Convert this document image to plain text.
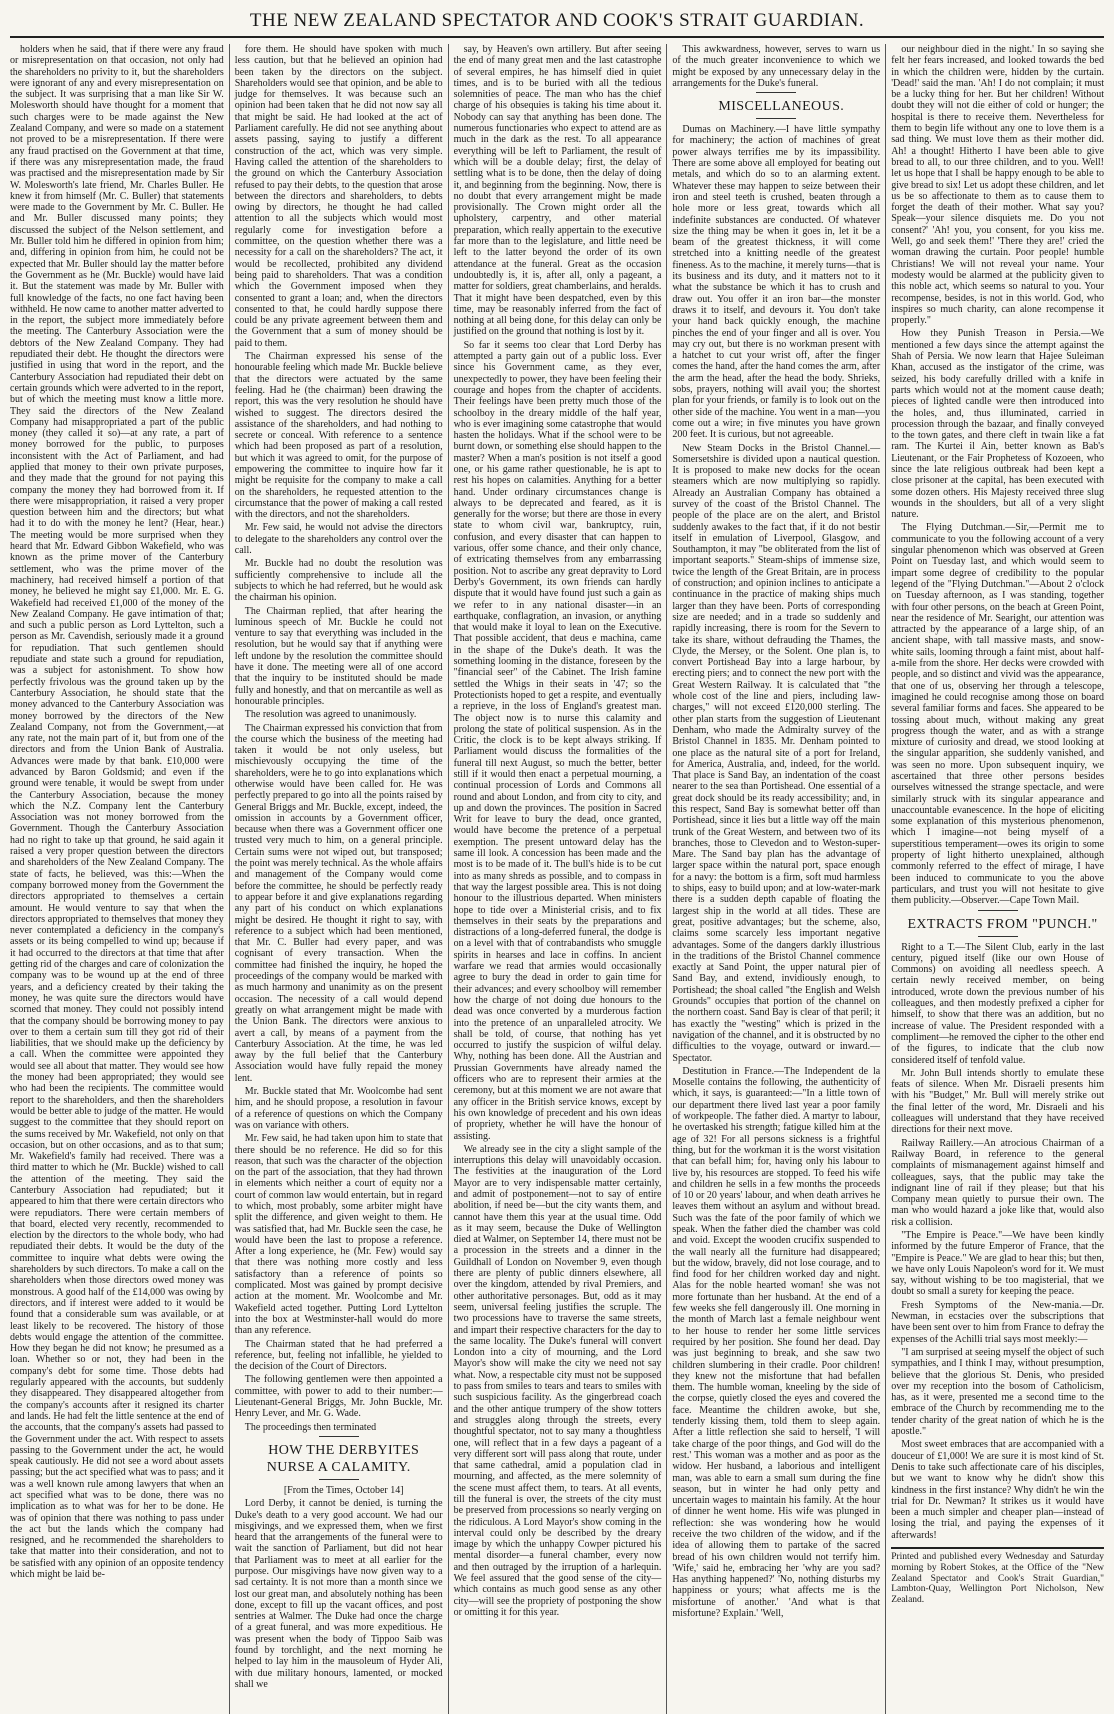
THE NEW ZEALAND SPECTATOR AND COOK'S STRAIT GUARDIAN.

holders when he said, that if there were any fraud or misrepresentation on that occasion, not only had the shareholders no privity to it, but the shareholders were ignorant of any and every misrepresentation on the subject. It was surprising that a man like Sir W. Molesworth should have thought for a moment that such charges were to be made against the New Zealand Company, and were so made on a statement not proved to be a misrepresentation. If there were any fraud practised on the Government at that time, if there was any misrepresentation made, the fraud was practised and the misrepresentation made by Sir W. Molesworth's late friend, Mr. Charles Buller. He knew it from himself (Mr. C. Buller) that statements were made to the Government by Mr. C. Buller. He and Mr. Buller discussed many points; they discussed the subject of the Nelson settlement, and Mr. Buller told him he differed in opinion from him; and, differing in opinion from him, he could not be expected that Mr. Buller should lay the matter before the Government as he (Mr. Buckle) would have laid it. But the statement was made by Mr. Buller with full knowledge of the facts, no one fact having been withheld. He now came to another matter adverted to in the report, the subject more immediately before the meeting. The Canterbury Association were the debtors of the New Zealand Company. They had repudiated their debt. He thought the directors were justified in using that word in the report, and the Canterbury Association had repudiated their debt on certain grounds which were adverted to in the report, but of which the meeting must know a little more. They said the directors of the New Zealand Company had misappropriated a part of the public money (they called it so)—at any rate, a part of money borrowed for the public, to purposes inconsistent with the Act of Parliament, and had applied that money to their own private purposes, and they made that the ground for not paying this company the money they had borrowed from it. If there were misappropriation, it raised a very proper question between him and the directors; but what had it to do with the money he lent? (Hear, hear.) The meeting would be more surprised when they heard that Mr. Edward Gibbon Wakefield, who was known as the prime mover of the Canterbury settlement, who was the prime mover of the machinery, had received himself a portion of that money, he believed he might say £1,000. Mr. E. G. Wakefield had received £1,000 of the money of the New Zealand Company. He gave intimation of that; and such a public person as Lord Lyttelton, such a person as Mr. Cavendish, seriously made it a ground for repudiation. That such gentlemen should repudiate and state such a ground for repudiation, was a subject for astonishment. To show how perfectly frivolous was the ground taken up by the Canterbury Association, he should state that the money advanced to the Canterbury Association was money borrowed by the directors of the New Zealand Company, not from the Government,—at any rate, not the main part of it, but from one of the directors and from the Union Bank of Australia. Advances were made by that bank. £10,000 were advanced by Baron Goldsmid; and even if the ground were tenable, it would be swept from under the Canterbury Association, because the money which the N.Z. Company lent the Canterbury Association was not money borrowed from the Government. Though the Canterbury Association had no right to take up that ground, he said again it raised a very proper question between the directors and shareholders of the New Zealand Company. The state of facts, he believed, was this:—When the company borrowed money from the Government the directors appropriated to themselves a certain amount. He would venture to say that when the directors appropriated to themselves that money they never contemplated a deficiency in the company's assets or its being compelled to wind up; because if it had occurred to the directors at that time that after getting rid of the charges and care of colonization the company was to be wound up at the end of three years, and a deficiency created by their taking the money, he was quite sure the directors would have scorned that money. They could not possibly intend that the company should be borrowing money to pay over to them a certain sum till they got rid of their liabilities, that we should make up the deficiency by a call. When the committee were appointed they would see all about that matter. They would see how the money had been appropriated; they would see who had been the recipients. The committee would report to the shareholders, and then the shareholders would be better able to judge of the matter. He would suggest to the committee that they should report on the sums received by Mr. Wakefield, not only on that occasion, but on other occasions, and as to that sum; Mr. Wakefield's family had received. There was a third matter to which he (Mr. Buckle) wished to call the attention of the meeting. They said the Canterbury Association had repudiated; but it appeared to him that there were certain directors who were repudiators. There were certain members of that board, elected very recently, recommended to election by the directors to the whole body, who had repudiated their debts. It would be the duty of the committee to inquire what debts were owing the shareholders by such directors. To make a call on the shareholders when those directors owed money was monstrous. A good half of the £14,000 was owing by directors, and if interest were added to it would be found that a considerable sum was available, or at least likely to be recovered. The history of those debts would engage the attention of the committee. How they began he did not know; he presumed as a loan. Whether so or not, they had been in the company's debt for some time. Those debts had regularly appeared with the accounts, but suddenly they disappeared. They disappeared altogether from the company's accounts after it resigned its charter and lands. He had felt the little sentence at the end of the accounts, that the company's assets had passed to the Government under the act. With respect to assets passing to the Government under the act, he would speak cautiously. He did not see a word about assets passing; but the act specified what was to pass; and it was a well known rule among lawyers that when an act specified what was to be done, there was no implication as to what was for her to be done. He was of opinion that there was nothing to pass under the act but the lands which the company had resigned, and he recommended the shareholders to take that matter into their consideration, and not to be satisfied with any opinion of an opposite tendency which might be laid be-

fore them. He should have spoken with much less caution, but that he believed an opinion had been taken by the directors on the subject. Shareholders would see that opinion, and be able to judge for themselves. It was because such an opinion had been taken that he did not now say all that might be said. He had looked at the act of Parliament carefully. He did not see anything about assets passing, saying to justify a different construction of the act, which was very simple. Having called the attention of the shareholders to the ground on which the Canterbury Association refused to pay their debts, to the question that arose between the directors and shareholders, to debts owing by directors, he thought he had called attention to all the subjects which would most regularly come for investigation before a committee, on the question whether there was a necessity for a call on the shareholders? The act, it would be recollected, prohibited any dividend being paid to shareholders. That was a condition which the Government imposed when they consented to grant a loan; and, when the directors consented to that, he could hardly suppose there could be any private agreement between them and the Government that a sum of money should be paid to them.

The Chairman expressed his sense of the honourable feeling which made Mr. Buckle believe that the directors were actuated by the same feeling. Had he (the chairman) been drawing the report, this was the very resolution he should have wished to suggest. The directors desired the assistance of the shareholders, and had nothing to secrete or conceal. With reference to a sentence which had been proposed as part of a resolution, but which it was agreed to omit, for the purpose of empowering the committee to inquire how far it might be requisite for the company to make a call on the shareholders, he requested attention to the circumstance that the power of making a call rested with the directors, and not the shareholders.

Mr. Few said, he would not advise the directors to delegate to the shareholders any control over the call.

Mr. Buckle had no doubt the resolution was sufficiently comprehensive to include all the subjects to which he had referred, but he would ask the chairman his opinion.

The Chairman replied, that after hearing the luminous speech of Mr. Buckle he could not venture to say that everything was included in the resolution, but he would say that if anything were left undone by the resolution the committee should have it done. The meeting were all of one accord that the inquiry to be instituted should be made fully and honestly, and that on mercantile as well as honourable principles.

The resolution was agreed to unanimously.

The Chairman expressed his conviction that from the course which the business of the meeting had taken it would be not only useless, but mischievously occupying the time of the shareholders, were he to go into explanations which otherwise would have been called for. He was perfectly prepared to go into all the points raised by General Briggs and Mr. Buckle, except, indeed, the omission in accounts by a Government officer, because when there was a Government officer one trusted very much to him, on a general principle. Certain sums were not wiped out, but transposed; the point was merely technical. As the whole affairs and management of the Company would come before the committee, he should be perfectly ready to appear before it and give explanations regarding any part of his conduct on which explanations might be desired. He thought it right to say, with reference to a subject which had been mentioned, that Mr. C. Buller had every paper, and was cognisant of every transaction. When the committee had finished the inquiry, he hoped the proceedings of the company would be marked with as much harmony and unanimity as on the present occasion. The necessity of a call would depend greatly on what arrangement might be made with the Union Bank. The directors were anxious to avert a call, by means of a payment from the Canterbury Association. At the time, he was led away by the full belief that the Canterbury Association would have fully repaid the money lent.

Mr. Buckle stated that Mr. Woolcombe had sent him, and he should propose, a resolution in favour of a reference of questions on which the Company was on variance with others.

Mr. Few said, he had taken upon him to state that there should be no reference. He did so for this reason, that such was the character of the objection on the part of the association, that they had thrown in elements which neither a court of equity nor a court of common law would entertain, but in regard to which, most probably, some arbiter might have split the difference, and given weight to them. He was satisfied that, had Mr. Buckle seen the case, he would have been the last to propose a reference. After a long experience, he (Mr. Few) would say that there was nothing more costly and less satisfactory than a reference of points so complicated. Most was gained by prompt decisive action at the moment. Mr. Woolcombe and Mr. Wakefield acted together. Putting Lord Lyttelton into the box at Westminster-hall would do more than any reference.

The Chairman stated that he had preferred a reference, but, feeling not infallible, he yielded to the decision of the Court of Directors.

The following gentlemen were then appointed a committee, with power to add to their number:—Lieutenant-General Briggs, Mr. John Buckle, Mr. Henry Lever, and Mr. G. Wade.

The proceedings then terminated

HOW THE DERBYITES NURSE A CALAMITY.

[From the Times, October 14]

Lord Derby, it cannot be denied, is turning the Duke's death to a very good account. We had our misgivings, and we expressed them, when we first heard that the arrangements of the funeral were to wait the sanction of Parliament, but did not hear that Parliament was to meet at all earlier for the purpose. Our misgivings have now given way to a sad certainty. It is not more than a month since we lost our great man, and absolutely nothing has been done, except to fill up the vacant offices, and post sentries at Walmer. The Duke had once the charge of a great funeral, and was more expeditious. He was present when the body of Tippoo Saib was found by torchlight, and the next morning he helped to lay him in the mausoleum of Hyder Ali, with due military honours, lamented, or mocked shall we

say, by Heaven's own artillery. But after seeing the end of many great men and the last catastrophe of several empires, he has himself died in quiet times, and is to be buried with all the tedious solemnities of peace. The man who has the chief charge of his obsequies is taking his time about it. Nobody can say that anything has been done. The numerous functionaries who expect to attend are as much in the dark as the rest. To all appearance everything will be left to Parliament, the result of which will be a double delay; first, the delay of settling what is to be done, then the delay of doing it, and beginning from the beginning. Now, there is no doubt that every arrangement might be made provisionally. The Crown might order all the upholstery, carpentry, and other material preparation, which really appertain to the executive far more than to the legislature, and little need be left to the latter beyond the order of its own attendance at the funeral. Great as the occasion undoubtedly is, it is, after all, only a pageant, a matter for soldiers, great chamberlains, and heralds. That it might have been despatched, even by this time, may be reasonably inferred from the fact of nothing at all being done, for this delay can only be justified on the ground that nothing is lost by it.

So far it seems too clear that Lord Derby has attempted a party gain out of a public loss. Ever since his Government came, as they ever, unexpectedly to power, they have been feeling their courage and hopes from the chapter of accidents. Their feelings have been pretty much those of the schoolboy in the dreary middle of the half year, who is ever imagining some catastrophe that would hasten the holidays. What if the school were to be burnt down, or something else should happen to the master? When a man's position is not itself a good one, or his game rather questionable, he is apt to rest his hopes on calamities. Anything for a better hand. Under ordinary circumstances change is always to be deprecated and feared, as it is generally for the worse; but there are those in every state to whom civil war, bankruptcy, ruin, confusion, and every disaster that can happen to various, offer some chance, and their only chance, of extricating themselves from any embarrassing position. Not to ascribe any great depravity to Lord Derby's Government, its own friends can hardly dispute that it would have found just such a gain as we refer to in any national disaster—in an earthquake, conflagration, an invasion, or anything that would make it loyal to lean on the Executive. That possible accident, that deus e machina, came in the shape of the Duke's death. It was the something looming in the distance, foreseen by the "financial seer" of the Cabinet. The Irish famine settled the Whigs in their seats in '47; so the Protectionists hoped to get a respite, and eventually a reprieve, in the loss of England's greatest man. The object now is to nurse this calamity and prolong the state of political suspension. As in the Critic, the clock is to be kept always striking. If Parliament would discuss the formalities of the funeral till next August, so much the better, better still if it would then enact a perpetual mourning, a continual procession of Lords and Commons all round and about London, and from city to city, and up and down the provinces. The position in Sacred Writ for leave to bury the dead, once granted, would have become the pretence of a perpetual exemption. The present untoward delay has the same ill look. A concession has been made and the most is to be made of it. The bull's hide is to be cut into as many shreds as possible, and to compass in that way the largest possible area. This is not doing honour to the illustrious departed. When ministers hope to tide over a Ministerial crisis, and to fix themselves in their seats by the preparations and distractions of a long-deferred funeral, the dodge is on a level with that of contrabandists who smuggle spirits in hearses and lace in coffins. In ancient warfare we read that armies would occasionally agree to bury the dead in order to gain time for their advances; and every schoolboy will remember how the charge of not doing due honours to the dead was once converted by a murderous faction into the pretence of an unparalleled atrocity. We shall be told, of course, that nothing has yet occurred to justify the suspicion of wilful delay. Why, nothing has been done. All the Austrian and Prussian Governments have already named the officers who are to represent their armies at the ceremony, but at this moment we are not aware that any officer in the British service knows, except by his own knowledge of precedent and his own ideas of propriety, whether he will have the honour of assisting.

We already see in the city a slight sample of the interruptions this delay will unavoidably occasion. The festivities at the inauguration of the Lord Mayor are to very indispensable matter certainly, and admit of postponement—not to say of entire abolition, if need be—but the city wants them, and cannot have them this year at the usual time. Odd as it may seem, because the Duke of Wellington died at Walmer, on September 14, there must not be a procession in the streets and a dinner in the Guildhall of London on November 9, even though there are plenty of public dinners elsewhere, all over the kingdom, attended by rival Premiers, and other authoritative personages. But, odd as it may seem, universal feeling justifies the scruple. The two processions have to traverse the same streets, and impart their respective characters for the day to the same locality. The Duke's funeral will convert London into a city of mourning, and the Lord Mayor's show will make the city we need not say what. Now, a respectable city must not be supposed to pass from smiles to tears and tears to smiles with such suspicious facility. As the gingerbread coach and the other antique trumpery of the show totters and struggles along through the streets, every thoughtful spectator, not to say many a thoughtless one, will reflect that in a few days a pageant of a very different sort will pass along that route, under that same cathedral, amid a population clad in mourning, and affected, as the mere solemnity of the scene must affect them, to tears. At all events, till the funeral is over, the streets of the city must be preserved from processions so nearly verging on the ridiculous. A Lord Mayor's show coming in the interval could only be described by the dreary image by which the unhappy Cowper pictured his mental disorder—a funeral chamber, every now and then outraged by the irruption of a harlequin. We feel assured that the good sense of the city—which contains as much good sense as any other city—will see the propriety of postponing the show or omitting it for this year.

This awkwardness, however, serves to warn us of the much greater inconvenience to which we might be exposed by any unnecessary delay in the arrangements for the Duke's funeral.

MISCELLANEOUS.

Dumas on Machinery.—I have little sympathy for machinery; the action of machines of great power always terrifies me by its impassibility. There are some above all employed for beating out metals, and which do so to an alarming extent. Whatever these may happen to seize between their iron and steel teeth is crushed, beaten through a hole more or less great, towards which all indefinite substances are conducted. Of whatever size the thing may be when it goes in, let it be a beam of the greatest thickness, it will come stretched into a knitting needle of the greatest fineness. As to the machine, it merely turns—that is its business and its duty, and it matters not to it what the substance be which it has to crush and draw out. You offer it an iron bar—the monster draws it to itself, and devours it. You don't take your hand back quickly enough, the machine pinches the end of your finger and all is over. You may cry out, but there is no workman present with a hatchet to cut your wrist off, after the finger comes the hand, after the hand comes the arm, after the arm the head, after the head the body. Shrieks, sobs, prayers, nothing will avail you; the shortest plan for your friends, or family is to look out on the other side of the machine. You went in a man—you come out a wire; in five minutes you have grown 200 feet. It is curious, but not agreeable.

New Steam Docks in the Bristol Channel.—Somersetshire is divided upon a nautical question. It is proposed to make new docks for the ocean steamers which are now multiplying so rapidly. Already an Australian Company has obtained a survey of the coast of the Bristol Channel. The people of the place are on the alert, and Bristol suddenly awakes to the fact that, if it do not bestir itself in emulation of Liverpool, Glasgow, and Southampton, it may "be obliterated from the list of important seaports." Steam-ships of immense size, twice the length of the Great Britain, are in process of construction; and opinion inclines to anticipate a continuance in the practice of making ships much larger than they have been. Ports of corresponding size are needed; and in a trade so suddenly and rapidly increasing, there is room for the Severn to take its share, without defrauding the Thames, the Clyde, the Mersey, or the Solent. One plan is, to convert Portishead Bay into a large harbour, by erecting piers; and to connect the new port with the Great Western Railway. It is calculated that "the whole cost of the line and piers, including law-charges," will not exceed £120,000 sterling. The other plan starts from the suggestion of Lieutenant Denham, who made the Admiralty survey of the Bristol Channel in 1835. Mr. Denham pointed to one place as the natural site of a port for Ireland, for America, Australia, and, indeed, for the world. That place is Sand Bay, an indentation of the coast nearer to the sea than Portishead. One essential of a great dock should be its ready accessibility; and, in this respect, Sand Bay is somewhat better off than Portishead, since it lies but a little way off the main trunk of the Great Western, and between two of its branches, those to Clevedon and to Weston-super-Mare. The Sand bay plan has the advantage of larger space within the natural port, space enough for a navy: the bottom is a firm, soft mud harmless to ships, easy to build upon; and at low-water-mark there is a sudden depth capable of floating the largest ship in the world at all tides. These are great, positive advantages; but the scheme, also, claims some scarcely less important negative advantages. Some of the dangers darkly illustrious in the traditions of the Bristol Channel commence exactly at Sand Point, the upper natural pier of Sand Bay, and extend, invidiously enough, to Portishead; the shoal called "the English and Welsh Grounds" occupies that portion of the channel on the northern coast. Sand Bay is clear of that peril; it has exactly the "westing" which is prized in the navigation of the channel, and it is obstructed by no difficulties to the voyage, outward or inward.—Spectator.

Destitution in France.—The Independent de la Moselle contains the following, the authenticity of which, it says, is guaranteed:—"In a little town of our department there lived last year a poor family of workpeople. The father died. A martyr to labour, he overtasked his strength; fatigue killed him at the age of 32! For all persons sickness is a frightful thing, but for the workman it is the worst visitation that can befall him; for, having only his labour to live by, his resources are stopped. To feed his wife and children he sells in a few months the proceeds of 10 or 20 years' labour, and when death arrives he leaves them without an asylum and without bread. Such was the fate of the poor family of which we speak. When the father died the chamber was cold and void. Except the wooden crucifix suspended to the wall nearly all the furniture had disappeared; but the widow, bravely, did not lose courage, and to find food for her children worked day and night. Alas for the noble hearted woman! she was not more fortunate than her husband. At the end of a few weeks she fell dangerously ill. One morning in the month of March last a female neighbour went to her house to render her some little services required by her position. She found her dead. Day was just beginning to break, and she saw two children slumbering in their cradle. Poor children! they knew not the misfortune that had befallen them. The humble woman, kneeling by the side of the corpse, quietly closed the eyes and covered the face. Meantime the children awoke, but she, tenderly kissing them, told them to sleep again. After a little reflection she said to herself, 'I will take charge of the poor things, and God will do the rest.' This woman was a mother and as poor as the widow. Her husband, a laborious and intelligent man, was able to earn a small sum during the fine season, but in winter he had only petty and uncertain wages to maintain his family. At the hour of dinner he went home. His wife was plunged in reflection: she was wondering how he would receive the two children of the widow, and if the idea of allowing them to partake of the sacred bread of his own children would not terrify him. 'Wife,' said he, embracing her 'why are you sad? Has anything happened?' 'No, nothing disturbs my happiness or yours; what affects me is the misfortune of another.' 'And what is that misfortune? Explain.' 'Well,

our neighbour died in the night.' In so saying she felt her fears increased, and looked towards the bed in which the children were, hidden by the curtain. 'Dead!' said the man. 'Ah! I do not complain; it must be a lucky thing for her. But her children! Without doubt they will not die either of cold or hunger; the hospital is there to receive them. Nevertheless for them to begin life without any one to love them is a sad thing. We must love them as their mother did. Ah! a thought! Hitherto I have been able to give bread to all, to our three children, and to you. Well! let us hope that I shall be happy enough to be able to give bread to six! Let us adopt these children, and let us be so affectionate to them as to cause them to forget the death of their mother. What say you? Speak—your silence disquiets me. Do you not consent?' 'Ah! you, you consent, for you kiss me. Well, go and seek them!' 'There they are!' cried the woman drawing the curtain. Poor people! humble Christians! We will not reveal your name. Your modesty would be alarmed at the publicity given to this noble act, which seems so natural to you. Your recompense, besides, is not in this world. God, who inspires so much charity, can alone recompense it properly."

How they Punish Treason in Persia.—We mentioned a few days since the attempt against the Shah of Persia. We now learn that Hajee Suleiman Khan, accused as the instigator of the crime, was seized, his body carefully drilled with a knife in parts which would not at the moment cause death; pieces of lighted candle were then introduced into the holes, and, thus illuminated, carried in procession through the bazaar, and finally conveyed to the town gates, and there cleft in twain like a fat ram. The Kurtei il Ain, better known as Bab's Lieutenant, or the Fair Prophetess of Kozoeen, who since the late religious outbreak had been kept a close prisoner at the capital, has been executed with some dozen others. His Majesty received three slug wounds in the shoulders, but all of a very slight nature.

The Flying Dutchman.—Sir,—Permit me to communicate to you the following account of a very singular phenomenon which was observed at Green Point on Tuesday last, and which would seem to impart some degree of credibility to the popular legend of the "Flying Dutchman."—About 2 o'clock on Tuesday afternoon, as I was standing, together with four other persons, on the beach at Green Point, near the residence of Mr. Searight, our attention was attracted by the appearance of a large ship, of an ancient shape, with tall massive masts, and snow-white sails, looming through a faint mist, about half-a-mile from the shore. Her decks were crowded with people, and so distinct and vivid was the appearance, that one of us, observing her through a telescope, imagined he could recognise among those on board several familiar forms and faces. She appeared to be tossing about much, without making any great progress though the water, and as with a strange mixture of curiosity and dread, we stood looking at the singular apparition, she suddenly vanished, and was seen no more. Upon subsequent inquiry, we ascertained that three other persons besides ourselves witnessed the strange spectacle, and were similarly struck with its singular appearance and unaccountable evanescence. In the hope of eliciting some explanation of this mysterious phenomenon, which I imagine—not being myself of a superstitious temperament—owes its origin to some property of light hitherto unexplained, although commonly referred to the effect of mirage, I have been induced to communicate to you the above particulars, and trust you will not hesitate to give them publicity.—Observer.—Cape Town Mail.

EXTRACTS FROM "PUNCH."

Right to a T.—The Silent Club, early in the last century, pigued itself (like our own House of Commons) on avoiding all needless speech. A certain newly received member, on being introduced, wrote down the previous number of his colleagues, and then modestly prefixed a cipher for himself, to show that there was an addition, but no increase of value. The President responded with a compliment—he removed the cipher to the other end of the figures, to indicate that the club now considered itself of tenfold value.

Mr. John Bull intends shortly to emulate these feats of silence. When Mr. Disraeli presents him with his "Budget," Mr. Bull will merely strike out the final letter of the word, Mr. Disraeli and his colleagues will understand that they have received directions for their next move.

Railway Raillery.—An atrocious Chairman of a Railway Board, in reference to the general complaints of mismanagement against himself and colleagues, says, that the public may take the indignant line of rail if they please; but that his Company mean quietly to pursue their own. The man who would hazard a joke like that, would also risk a collision.

"The Empire is Peace."—We have been kindly informed by the future Emperor of France, that the "Empire is Peace." We are glad to hear this; but then, we have only Louis Napoleon's word for it. We must say, without wishing to be too magisterial, that we doubt so small a surety for keeping the peace.

Fresh Symptoms of the New-mania.—Dr. Newman, in ecstacies over the subscriptions that have been sent over to him from France to defray the expenses of the Achilli trial says most meekly:—

"I am surprised at seeing myself the object of such sympathies, and I think I may, without presumption, believe that the glorious St. Denis, who presided over my reception into the bosom of Catholicism, has, as it were, presented me a second time to the embrace of the Church by recommending me to the tender charity of the great nation of which he is the apostle."

Most sweet embraces that are accompanied with a douceur of £1,000! We are sure it is most kind of St. Denis to take such affectionate care of his disciples, but we want to know why he didn't show this kindness in the first instance? Why didn't he win the trial for Dr. Newman? It strikes us it would have been a much simpler and cheaper plan—instead of losing the trial, and paying the expenses of it afterwards!

Printed and published every Wednesday and Saturday morning by Robert Stokes, at the Office of the "New Zealand Spectator and Cook's Strait Guardian," Lambton-Quay, Wellington Port Nicholson, New Zealand.
